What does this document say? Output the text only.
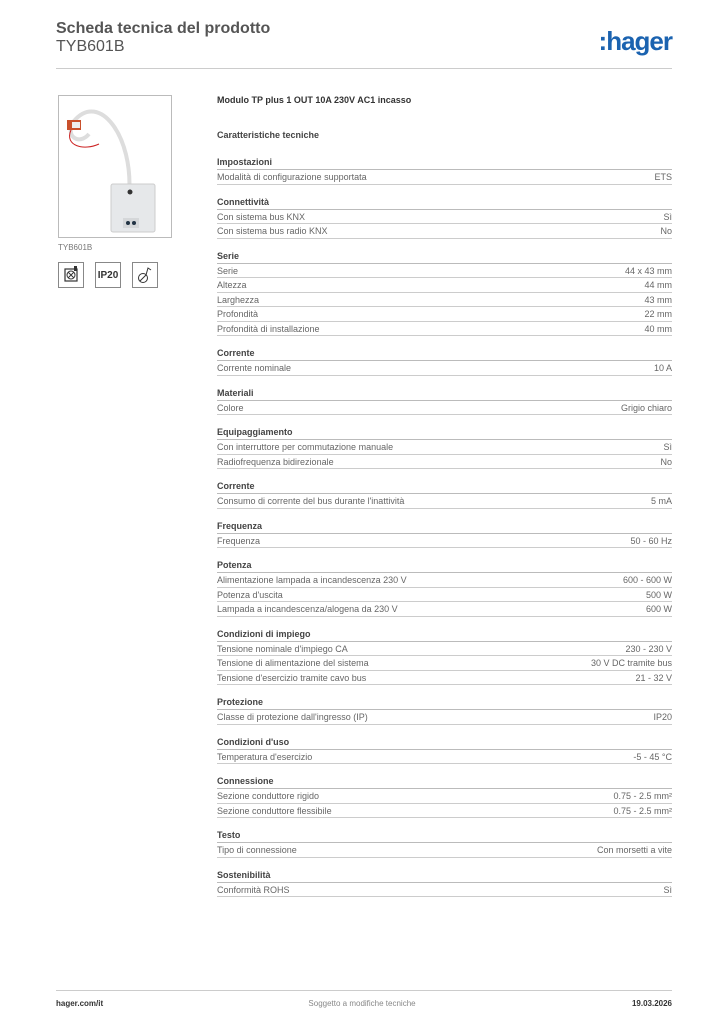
Scheda tecnica del prodotto
TYB601B	:hager
TYB601B
IP20
Modulo TP plus 1 OUT 10A 230V AC1 incasso
Caratteristiche tecniche
Impostazioni
Modalità di configurazione supportata	ETS
Connettività
Con sistema bus KNX	Sì
Con sistema bus radio KNX	No
Serie
Serie	44 x 43 mm
Altezza	44 mm
Larghezza	43 mm
Profondità	22 mm
Profondità di installazione	40 mm
Corrente
Corrente nominale	10 A
Materiali
Colore	Grigio chiaro
Equipaggiamento
Con interruttore per commutazione manuale	Sì
Radiofrequenza bidirezionale	No
Corrente
Consumo di corrente del bus durante l'inattività	5 mA
Frequenza
Frequenza	50 - 60 Hz
Potenza
Alimentazione lampada a incandescenza 230 V	600 - 600 W
Potenza d'uscita	500 W
Lampada a incandescenza/alogena da 230 V	600 W
Condizioni di impiego
Tensione nominale d'impiego CA	230 - 230 V
Tensione di alimentazione del sistema	30 V DC tramite bus
Tensione d'esercizio tramite cavo bus	21 - 32 V
Protezione
Classe di protezione dall'ingresso (IP)	IP20
Condizioni d'uso
Temperatura d'esercizio	-5 - 45 °C
Connessione
Sezione conduttore rigido	0.75 - 2.5 mm²
Sezione conduttore flessibile	0.75 - 2.5 mm²
Testo
Tipo di connessione	Con morsetti a vite
Sostenibilità
Conformità ROHS	Sì
hager.com/it	Soggetto a modifiche tecniche	19.03.2026
